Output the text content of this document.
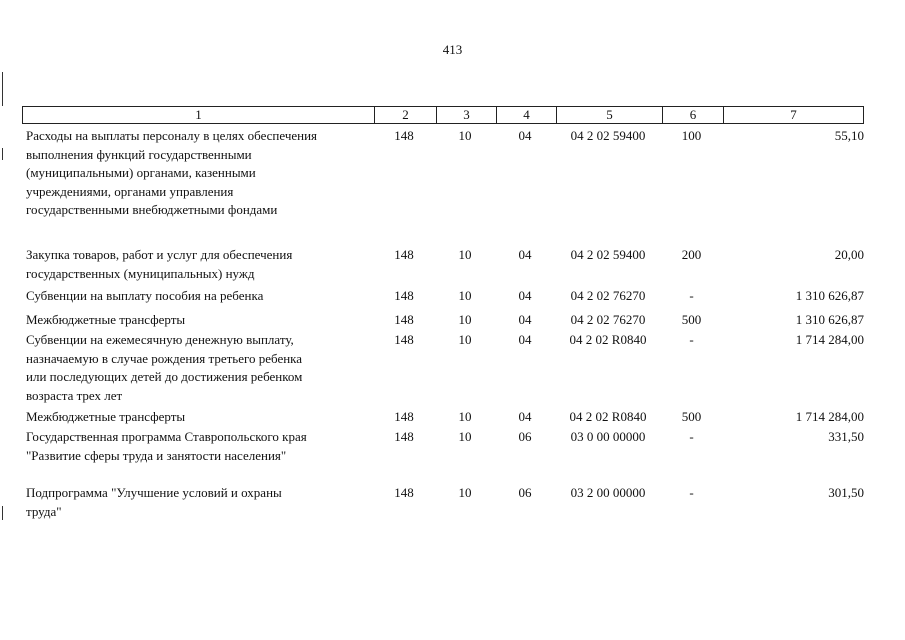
413
1	2	3	4	5	6	7
Расходы на выплаты персоналу в целях обеспечения
выполнения функций государственными
(муниципальными) органами, казенными
учреждениями, органами управления
государственными внебюджетными фондами
148	10	04	04 2 02 59400	100	55,10
Закупка товаров, работ и услуг для обеспечения
государственных (муниципальных) нужд
148	10	04	04 2 02 59400	200	20,00
Субвенции на выплату пособия на ребенка	148	10	04	04 2 02 76270	-	1 310 626,87
Межбюджетные трансферты	148	10	04	04 2 02 76270	500	1 310 626,87
Субвенции на ежемесячную денежную выплату,
назначаемую в случае рождения третьего ребенка
или последующих детей до достижения ребенком
возраста трех лет
148	10	04	04 2 02 R0840	-	1 714 284,00
Межбюджетные трансферты	148	10	04	04 2 02 R0840	500	1 714 284,00
Государственная программа Ставропольского края
"Развитие сферы труда и занятости населения"
148	10	06	03 0 00 00000	-	331,50
Подпрограмма "Улучшение условий и охраны
труда"
148	10	06	03 2 00 00000	-	301,50
